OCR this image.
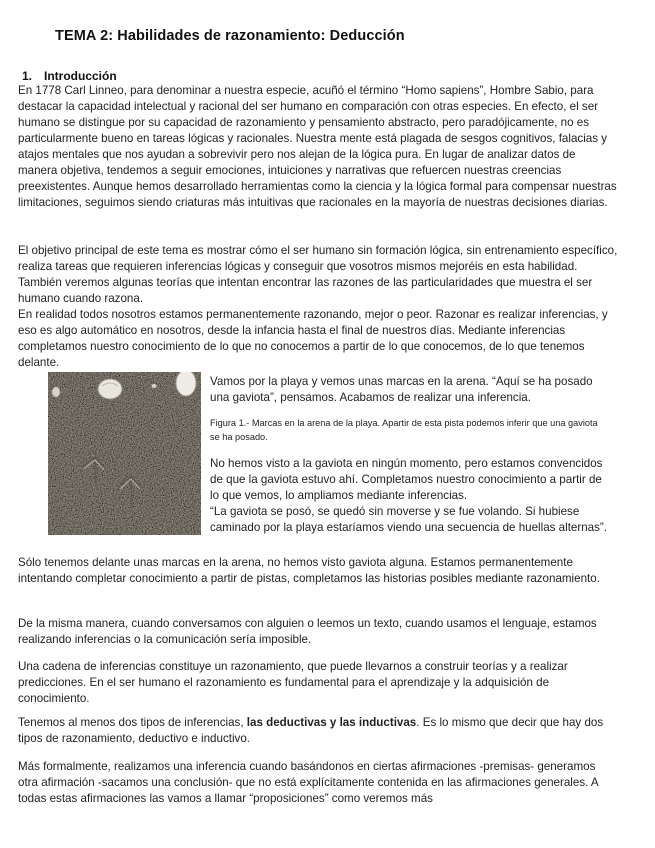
TEMA 2: Habilidades de razonamiento: Deducción
1. Introducción

En 1778 Carl Linneo, para denominar a nuestra especie, acuñó el término “Homo sapiens”, Hombre Sabio, para destacar la capacidad intelectual y racional del ser humano en comparación con otras especies. En efecto, el ser humano se distingue por su capacidad de razonamiento y pensamiento abstracto, pero paradójicamente, no es particularmente bueno en tareas lógicas y racionales. Nuestra mente está plagada de sesgos cognitivos, falacias y atajos mentales que nos ayudan a sobrevivir pero nos alejan de la lógica pura. En lugar de analizar datos de manera objetiva, tendemos a seguir emociones, intuiciones y narrativas que refuercen nuestras creencias preexistentes. Aunque hemos desarrollado herramientas como la ciencia y la lógica formal para compensar nuestras limitaciones, seguimos siendo criaturas más intuitivas que racionales en la mayoría de nuestras decisiones diarias.

El objetivo principal de este tema es mostrar cómo el ser humano sin formación lógica, sin entrenamiento específico, realiza tareas que requieren inferencias lógicas y conseguir que vosotros mismos mejoréis en esta habilidad. También veremos algunas teorías que intentan encontrar las razones de las particularidades que muestra el ser humano cuando razona.
En realidad todos nosotros estamos permanentemente razonando, mejor o peor. Razonar es realizar inferencias, y eso es algo automático en nosotros, desde la infancia hasta el final de nuestros días. Mediante inferencias completamos nuestro conocimiento de lo que no conocemos a partir de lo que conocemos, de lo que tenemos delante.

Vamos por la playa y vemos unas marcas en la arena. “Aquí se ha posado una gaviota”, pensamos. Acabamos de realizar una inferencia.

Figura 1.- Marcas en la arena de la playa. Apartir de esta pista podemos inferir que una gaviota se ha posado.

No hemos visto a la gaviota en ningún momento, pero estamos convencidos de que la gaviota estuvo ahí. Completamos nuestro conocimiento a partir de lo que vemos, lo ampliamos mediante inferencias.
“La gaviota se posó, se quedó sin moverse y se fue volando. Si hubiese caminado por la playa estaríamos viendo una secuencia de huellas alternas”.

Sólo tenemos delante unas marcas en la arena, no hemos visto gaviota alguna. Estamos permanentemente intentando completar conocimiento a partir de pistas, completamos las historias posibles mediante razonamiento.

De la misma manera, cuando conversamos con alguien o leemos un texto, cuando usamos el lenguaje, estamos realizando inferencias o la comunicación sería imposible.

Una cadena de inferencias constituye un razonamiento, que puede llevarnos a construir teorías y a realizar predicciones. En el ser humano el razonamiento es fundamental para el aprendizaje y la adquisición de conocimiento.

Tenemos al menos dos tipos de inferencias, las deductivas y las inductivas. Es lo mismo que decir que hay dos tipos de razonamiento, deductivo e inductivo.

Más formalmente, realizamos una inferencia cuando basándonos en ciertas afirmaciones -premisas- generamos otra afirmación -sacamos una conclusión- que no está explícitamente contenida en las afirmaciones generales. A todas estas afirmaciones las vamos a llamar “proposiciones” como veremos más
